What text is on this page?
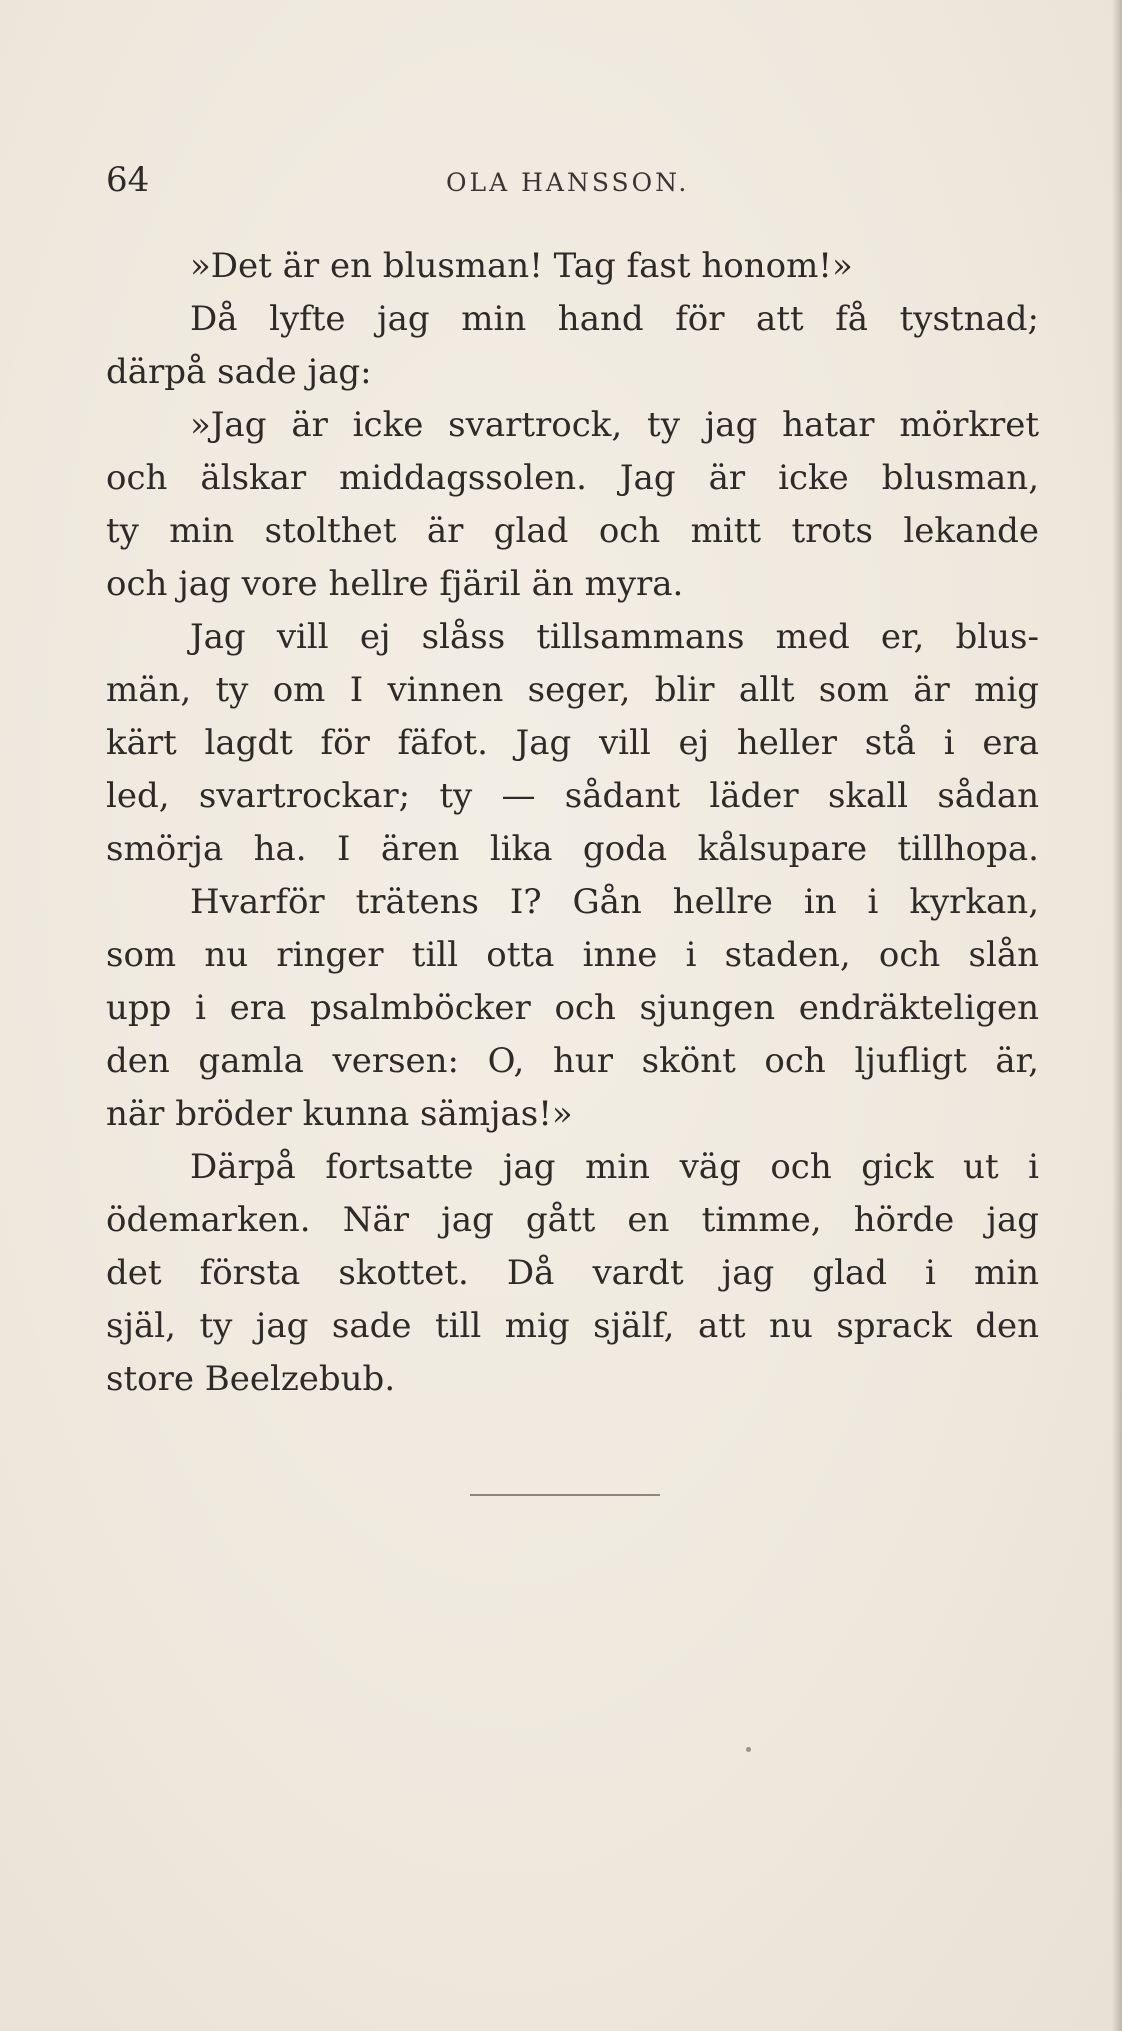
64	OLA HANSSON.
»Det är en blusman! Tag fast honom!»
Då lyfte jag min hand för att få tystnad;
därpå sade jag:
»Jag är icke svartrock, ty jag hatar mörkret
och älskar middagssolen. Jag är icke blusman,
ty min stolthet är glad och mitt trots lekande
och jag vore hellre fjäril än myra.
Jag vill ej slåss tillsammans med er, blus-
män, ty om I vinnen seger, blir allt som är mig
kärt lagdt för fäfot. Jag vill ej heller stå i era
led, svartrockar; ty — sådant läder skall sådan
smörja ha. I ären lika goda kålsupare tillhopa.
Hvarför trätens I? Gån hellre in i kyrkan,
som nu ringer till otta inne i staden, och slån
upp i era psalmböcker och sjungen endräkteligen
den gamla versen: O, hur skönt och ljufligt är,
när bröder kunna sämjas!»
Därpå fortsatte jag min väg och gick ut i
ödemarken. När jag gått en timme, hörde jag
det första skottet. Då vardt jag glad i min
själ, ty jag sade till mig själf, att nu sprack den
store Beelzebub.
